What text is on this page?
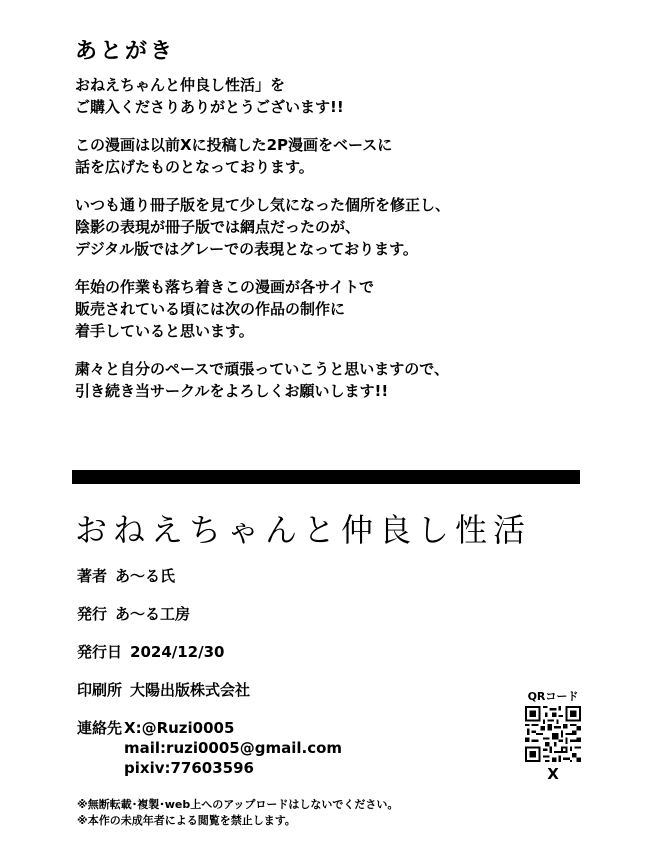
あとがき
おねえちゃんと仲良し性活」を
ご購入くださりありがとうございます!!
この漫画は以前Xに投稿した2P漫画をベースに
話を広げたものとなっております。
いつも通り冊子版を見て少し気になった個所を修正し、
陰影の表現が冊子版では網点だったのが、
デジタル版ではグレーでの表現となっております。
年始の作業も落ち着きこの漫画が各サイトで
販売されている頃には次の作品の制作に
着手していると思います。
粛々と自分のペースで頑張っていこうと思いますので、
引き続き当サークルをよろしくお願いします!!
おねえちゃんと仲良し性活
著者 あ～る氏
発行 あ～る工房
発行日 2024/12/30
印刷所 大陽出版株式会社
連絡先 X:@Ruzi0005
mail:ruzi0005@gmail.com
pixiv:77603596
QRコード
X
※無断転載･複製･web上へのアップロードはしないでください。
※本作の未成年者による閲覧を禁止します。
